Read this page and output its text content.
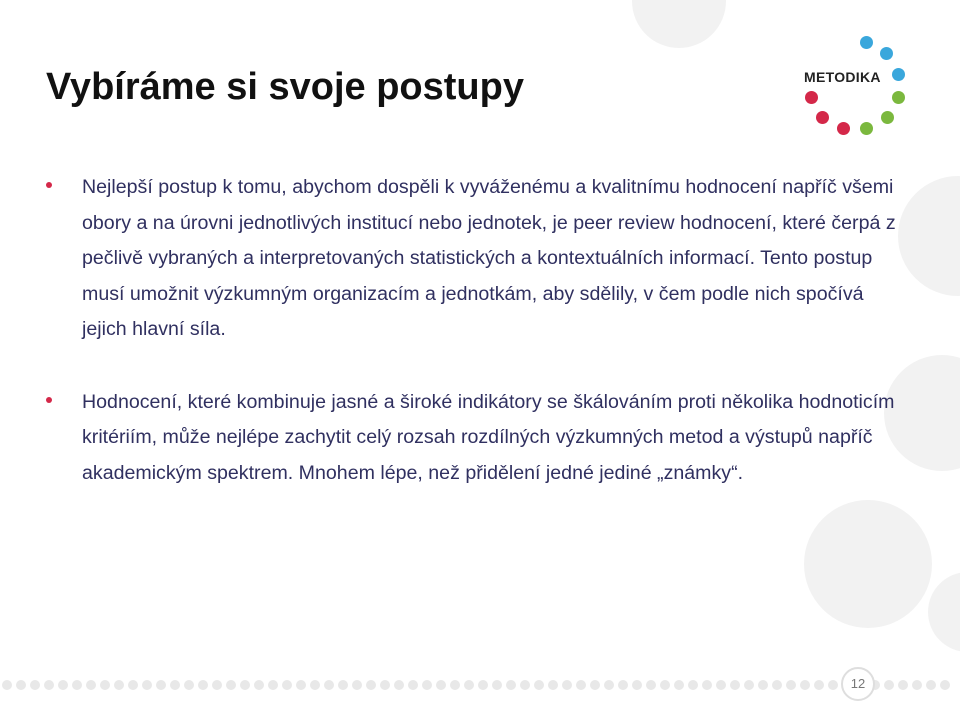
Vybíráme si svoje postupy	METODIKA
Nejlepší postup k tomu, abychom dospěli k vyváženému a kvalitnímu hodnocení napříč všemi obory a na úrovni jednotlivých institucí nebo jednotek, je peer review hodnocení, které čerpá z pečlivě vybraných a interpretovaných statistických a kontextuálních informací. Tento postup musí umožnit výzkumným organizacím a jednotkám, aby sdělily, v čem podle nich spočívá jejich hlavní síla.
Hodnocení, které kombinuje jasné a široké indikátory se škálováním proti několika hodnoticím kritériím, může nejlépe zachytit celý rozsah rozdílných výzkumných metod a výstupů napříč akademickým spektrem. Mnohem lépe, než přidělení jedné jediné „známky“.
12
